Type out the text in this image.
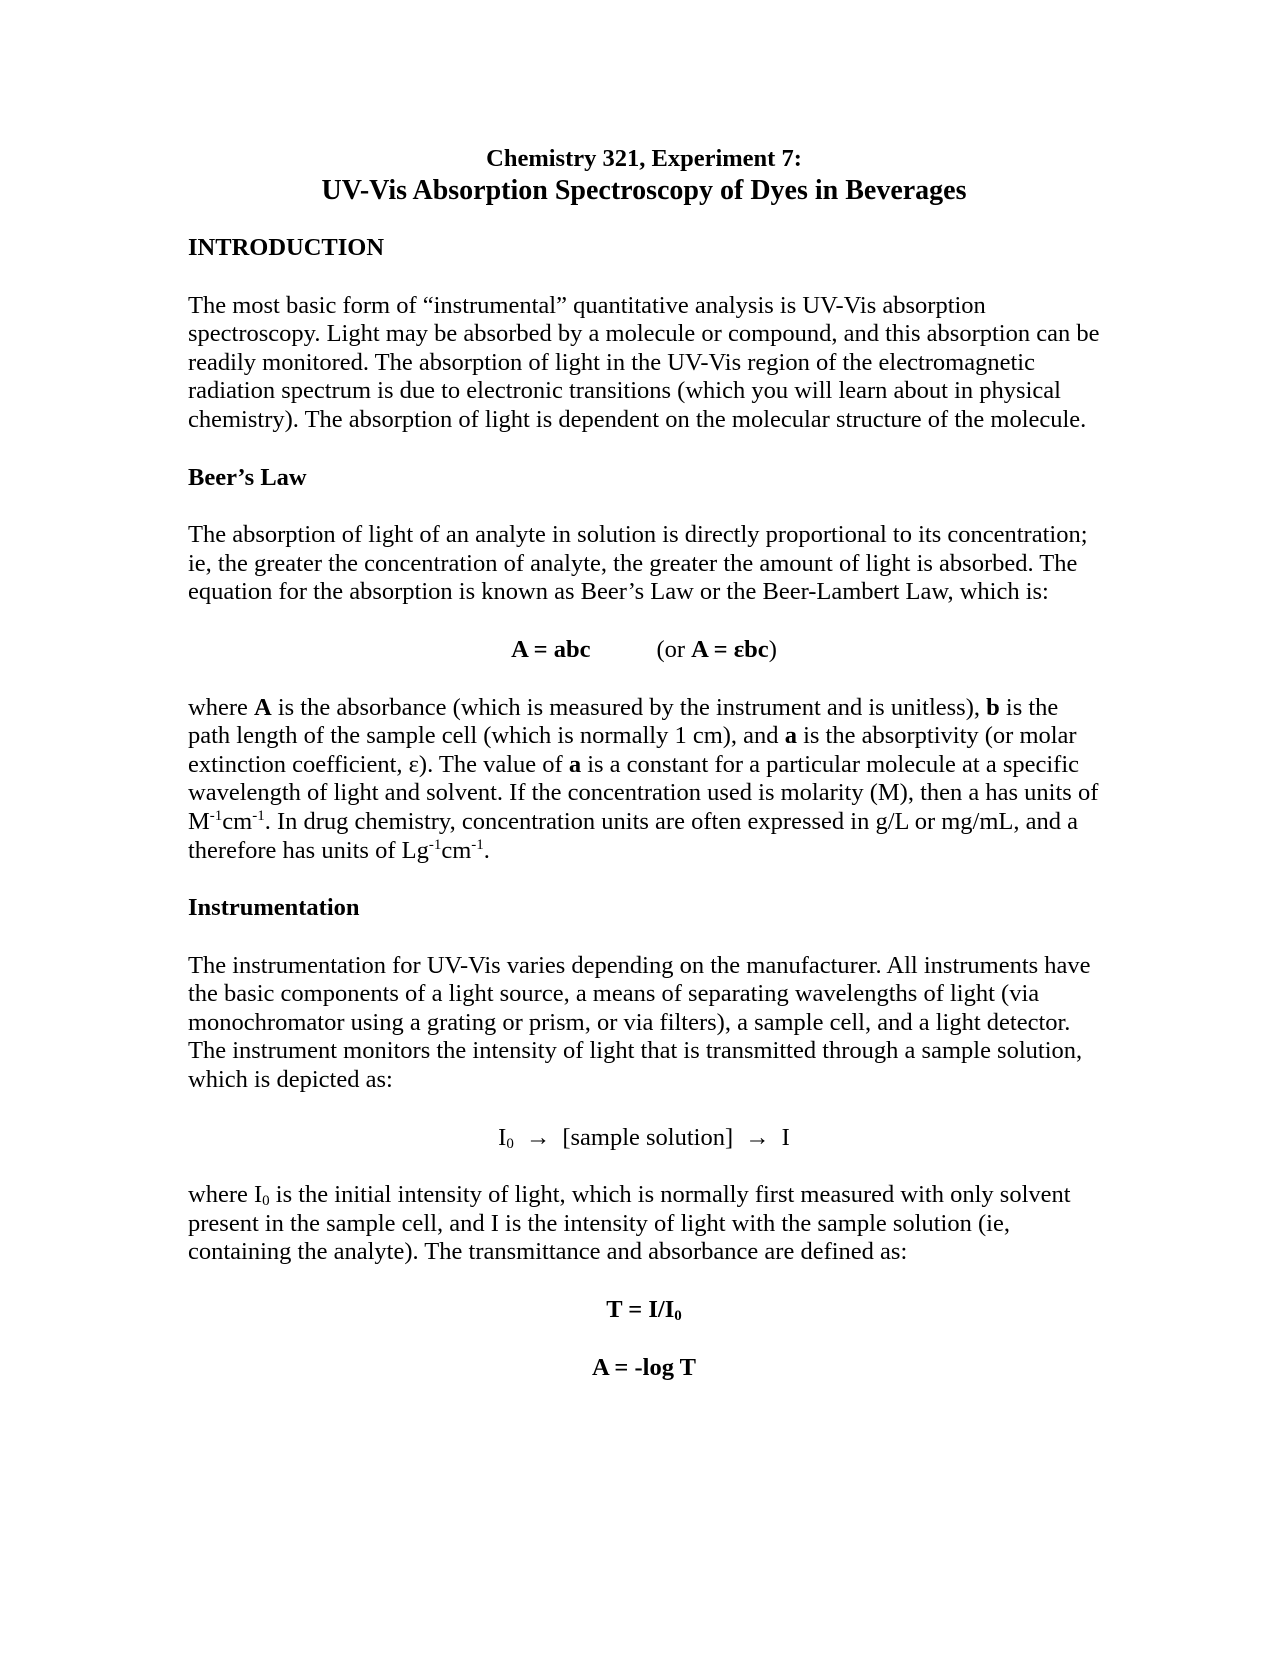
Chemistry 321, Experiment 7:
UV-Vis Absorption Spectroscopy of Dyes in Beverages
INTRODUCTION

The most basic form of “instrumental” quantitative analysis is UV-Vis absorption spectroscopy. Light may be absorbed by a molecule or compound, and this absorption can be readily monitored. The absorption of light in the UV-Vis region of the electromagnetic radiation spectrum is due to electronic transitions (which you will learn about in physical chemistry). The absorption of light is dependent on the molecular structure of the molecule.

Beer’s Law

The absorption of light of an analyte in solution is directly proportional to its concentration; ie, the greater the concentration of analyte, the greater the amount of light is absorbed. The equation for the absorption is known as Beer’s Law or the Beer-Lambert Law, which is:

A = abc	(or A = εbc)

where A is the absorbance (which is measured by the instrument and is unitless), b is the path length of the sample cell (which is normally 1 cm), and a is the absorptivity (or molar extinction coefficient, ε). The value of a is a constant for a particular molecule at a specific wavelength of light and solvent. If the concentration used is molarity (M), then a has units of $M^{-1}cm^{-1}$. In drug chemistry, concentration units are often expressed in g/L or mg/mL, and a therefore has units of $Lg^{-1}cm^{-1}$.

Instrumentation

The instrumentation for UV-Vis varies depending on the manufacturer. All instruments have the basic components of a light source, a means of separating wavelengths of light (via monochromator using a grating or prism, or via filters), a sample cell, and a light detector. The instrument monitors the intensity of light that is transmitted through a sample solution, which is depicted as:

$I_0$ → [sample solution] → I

where $I_0$ is the initial intensity of light, which is normally first measured with only solvent present in the sample cell, and I is the intensity of light with the sample solution (ie, containing the analyte). The transmittance and absorbance are defined as:

$T = I/I_0$
A = -log T
